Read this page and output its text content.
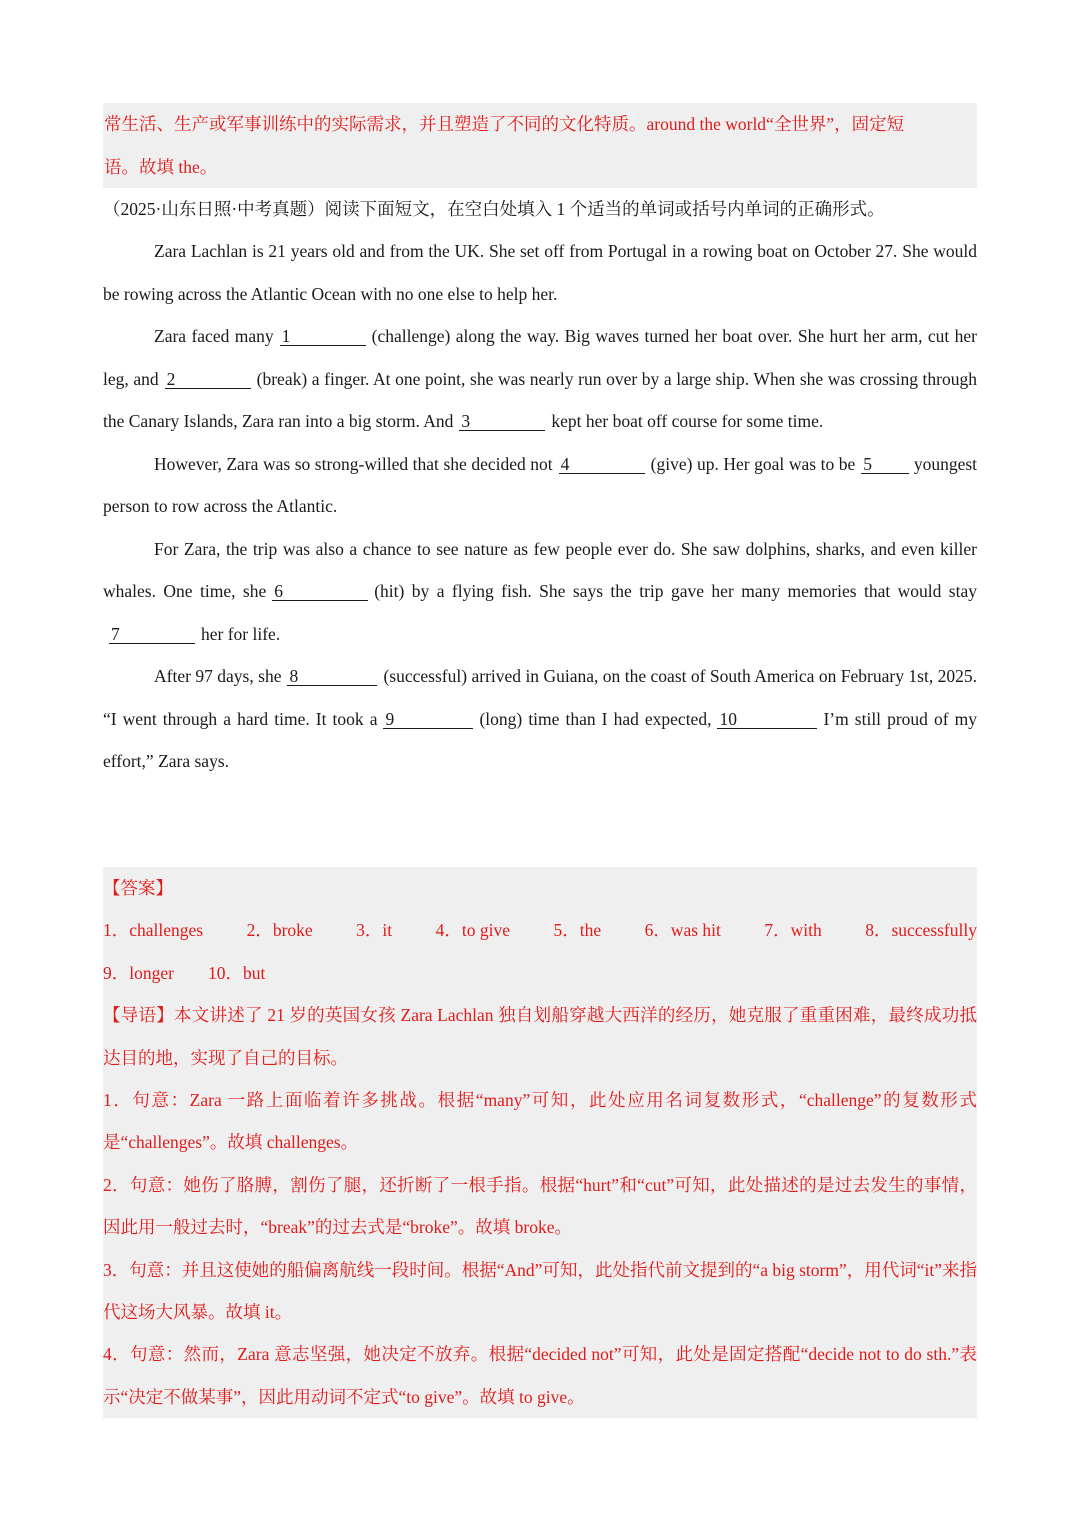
常生活、生产或军事训练中的实际需求，并且塑造了不同的文化特质。around the world“全世界”，固定短

语。故填 the。

（2025·山东日照·中考真题）阅读下面短文，在空白处填入 1 个适当的单词或括号内单词的正确形式。

Zara Lachlan is 21 years old and from the UK. She set off from Portugal in a rowing boat on October 27. She would be rowing across the Atlantic Ocean with no one else to help her.

Zara faced many 1	(challenge) along the way. Big waves turned her boat over. She hurt her arm, cut her leg, and 2	(break) a finger. At one point, she was nearly run over by a large ship. When she was crossing through the Canary Islands, Zara ran into a big storm. And 3	kept her boat off course for some time.

However, Zara was so strong-willed that she decided not 4	(give) up. Her goal was to be 5 youngest person to row across the Atlantic.

For Zara, the trip was also a chance to see nature as few people ever do. She saw dolphins, sharks, and even killer whales. One time, she 6	(hit) by a flying fish. She says the trip gave her many memories that would stay7	her for life.

After 97 days, she 8	(successful) arrived in Guiana, on the coast of South America on February 1st, 2025. “I went through a hard time. It took a 9	(long) time than I had expected, 10	I’m still proud of my effort,” Zara says.

【答案】

1．challenges 2．broke 3．it 4．to give 5．the 6．was hit 7．with 8．successfully
9．longer 10．but

【导语】本文讲述了 21 岁的英国女孩 Zara Lachlan 独自划船穿越大西洋的经历，她克服了重重困难，最终成功抵达目的地，实现了自己的目标。

1．句意：Zara 一路上面临着许多挑战。根据“many”可知，此处应用名词复数形式，“challenge”的复数形式是“challenges”。故填 challenges。

2．句意：她伤了胳膊，割伤了腿，还折断了一根手指。根据“hurt”和“cut”可知，此处描述的是过去发生的事情，因此用一般过去时，“break”的过去式是“broke”。故填 broke。

3．句意：并且这使她的船偏离航线一段时间。根据“And”可知，此处指代前文提到的“a big storm”，用代词“it”来指代这场大风暴。故填 it。

4．句意：然而，Zara 意志坚强，她决定不放弃。根据“decided not”可知，此处是固定搭配“decide not to do sth.”表示“决定不做某事”，因此用动词不定式“to give”。故填 to give。
